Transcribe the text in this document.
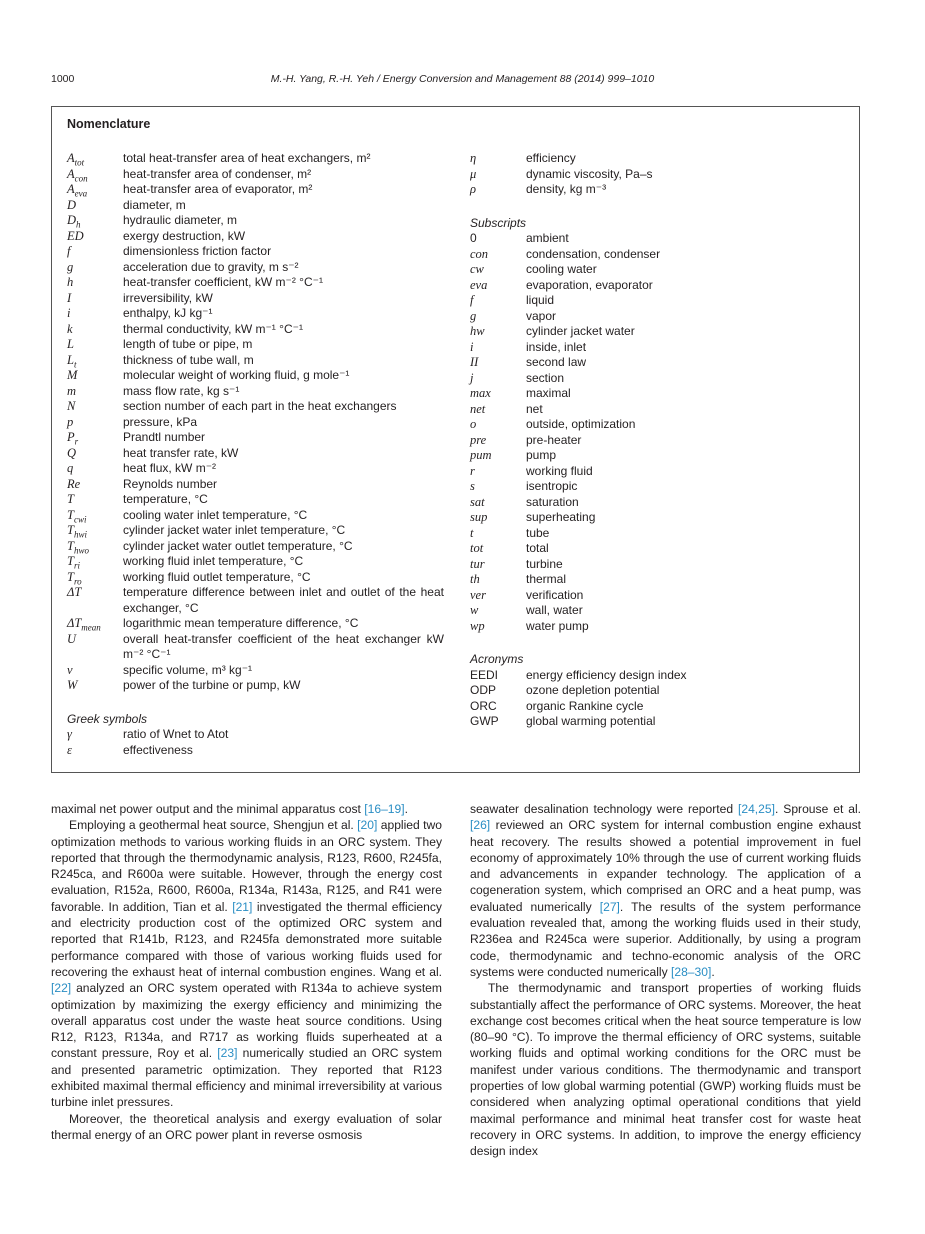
1000	M.-H. Yang, R.-H. Yeh / Energy Conversion and Management 88 (2014) 999–1010
Nomenclature
$A_{tot}$	total heat-transfer area of heat exchangers, m²
$A_{con}$	heat-transfer area of condenser, m²
$A_{eva}$	heat-transfer area of evaporator, m²
D	diameter, m
$D_h$	hydraulic diameter, m
ED	exergy destruction, kW
f	dimensionless friction factor
g	acceleration due to gravity, m s⁻²
h	heat-transfer coefficient, kW m⁻² °C⁻¹
I	irreversibility, kW
i	enthalpy, kJ kg⁻¹
k	thermal conductivity, kW m⁻¹ °C⁻¹
L	length of tube or pipe, m
$L_t$	thickness of tube wall, m
M	molecular weight of working fluid, g mole⁻¹
m	mass flow rate, kg s⁻¹
N	section number of each part in the heat exchangers
p	pressure, kPa
$P_r$	Prandtl number
Q	heat transfer rate, kW
q	heat flux, kW m⁻²
Re	Reynolds number
T	temperature, °C
$T_{cwi}$	cooling water inlet temperature, °C
$T_{hwi}$	cylinder jacket water inlet temperature, °C
$T_{hwo}$	cylinder jacket water outlet temperature, °C
$T_{ri}$	working fluid inlet temperature, °C
$T_{ro}$	working fluid outlet temperature, °C
ΔT	temperature difference between inlet and outlet of the heat exchanger, °C
$\Delta T_{mean}$ logarithmic mean temperature difference, °C
U	overall heat-transfer coefficient of the heat exchanger kW m⁻² °C⁻¹
v	specific volume, m³ kg⁻¹
W	power of the turbine or pump, kW
Greek symbols
γ	ratio of Wnet to Atot
ε	effectiveness
η	efficiency
μ	dynamic viscosity, Pa–s
ρ	density, kg m⁻³
Subscripts
0	ambient
con	condensation, condenser
cw	cooling water
eva	evaporation, evaporator
f	liquid
g	vapor
hw	cylinder jacket water
i	inside, inlet
II	second law
j	section
max	maximal
net	net
o	outside, optimization
pre	pre-heater
pum	pump
r	working fluid
s	isentropic
sat	saturation
sup	superheating
t	tube
tot	total
tur	turbine
th	thermal
ver	verification
w	wall, water
wp	water pump
Acronyms
EEDI energy efficiency design index
ODP ozone depletion potential
ORC organic Rankine cycle
GWP global warming potential

maximal net power output and the minimal apparatus cost [16–19].

Employing a geothermal heat source, Shengjun et al. [20] applied two optimization methods to various working fluids in an ORC system. They reported that through the thermodynamic analysis, R123, R600, R245fa, R245ca, and R600a were suitable. However, through the energy cost evaluation, R152a, R600, R600a, R134a, R143a, R125, and R41 were favorable. In addition, Tian et al. [21] investigated the thermal efficiency and electricity production cost of the optimized ORC system and reported that R141b, R123, and R245fa demonstrated more suitable performance compared with those of various working fluids used for recovering the exhaust heat of internal combustion engines. Wang et al. [22] analyzed an ORC system operated with R134a to achieve system optimization by maximizing the exergy efficiency and minimizing the overall apparatus cost under the waste heat source conditions. Using R12, R123, R134a, and R717 as working fluids superheated at a constant pressure, Roy et al. [23] numerically studied an ORC system and presented parametric optimization. They reported that R123 exhibited maximal thermal efficiency and minimal irreversibility at various turbine inlet pressures.

Moreover, the theoretical analysis and exergy evaluation of solar thermal energy of an ORC power plant in reverse osmosis

seawater desalination technology were reported [24,25]. Sprouse et al. [26] reviewed an ORC system for internal combustion engine exhaust heat recovery. The results showed a potential improvement in fuel economy of approximately 10% through the use of current working fluids and advancements in expander technology. The application of a cogeneration system, which comprised an ORC and a heat pump, was evaluated numerically [27]. The results of the system performance evaluation revealed that, among the working fluids used in their study, R236ea and R245ca were superior. Additionally, by using a program code, thermodynamic and techno-economic analysis of the ORC systems were conducted numerically [28–30].

The thermodynamic and transport properties of working fluids substantially affect the performance of ORC systems. Moreover, the heat exchange cost becomes critical when the heat source temperature is low (80–90 °C). To improve the thermal efficiency of ORC systems, suitable working fluids and optimal working conditions for the ORC must be manifest under various conditions. The thermodynamic and transport properties of low global warming potential (GWP) working fluids must be considered when analyzing optimal operational conditions that yield maximal performance and minimal heat transfer cost for waste heat recovery in ORC systems. In addition, to improve the energy efficiency design index
